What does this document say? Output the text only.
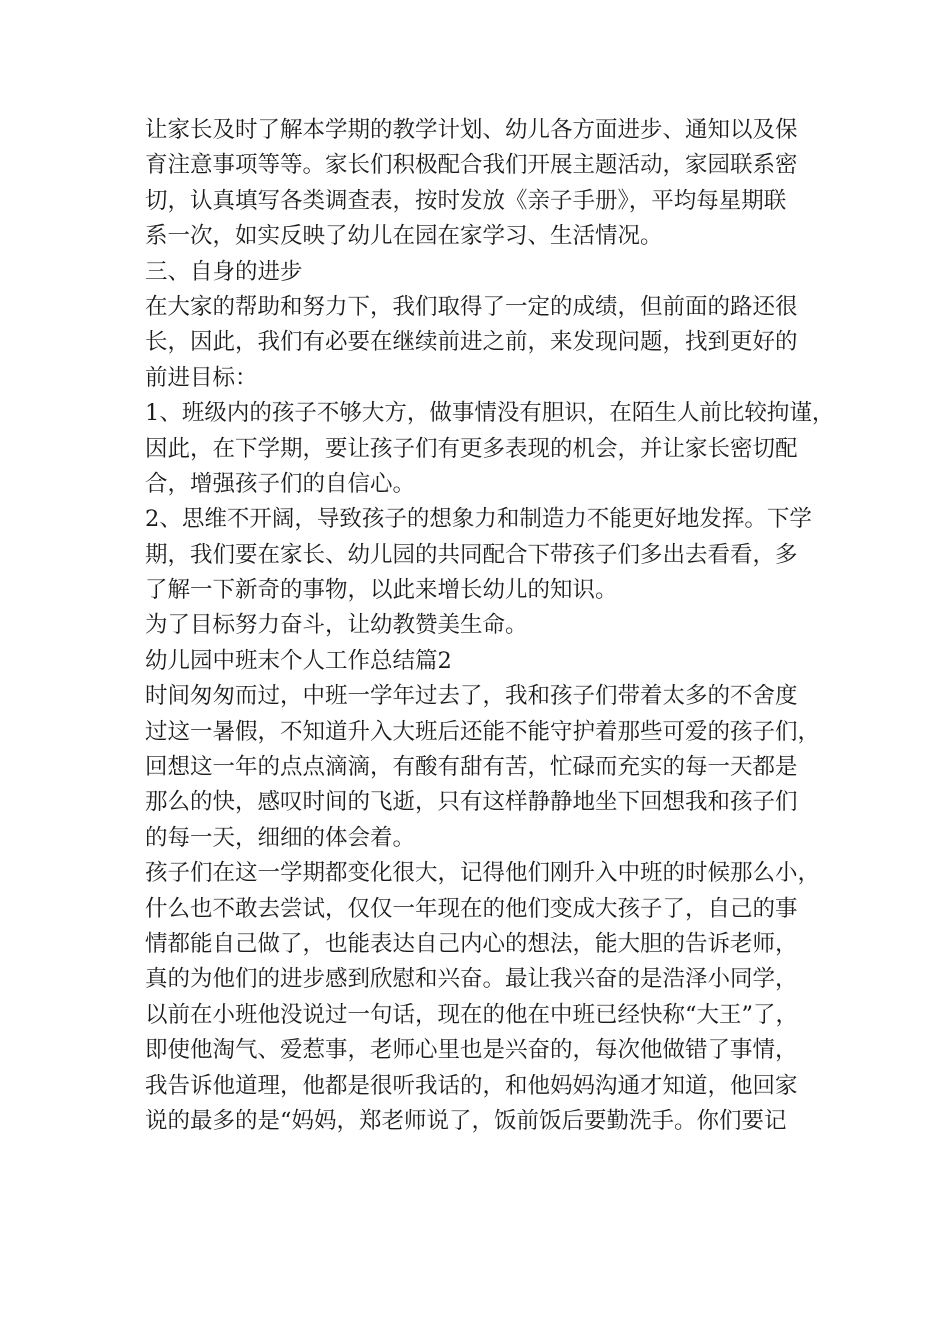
让家长及时了解本学期的教学计划、幼儿各方面进步、通知以及保
育注意事项等等。家长们积极配合我们开展主题活动，家园联系密
切，认真填写各类调查表，按时发放《亲子手册》，平均每星期联
系一次，如实反映了幼儿在园在家学习、生活情况。
三、自身的进步
在大家的帮助和努力下，我们取得了一定的成绩，但前面的路还很
长，因此，我们有必要在继续前进之前，来发现问题，找到更好的
前进目标：
1、班级内的孩子不够大方，做事情没有胆识，在陌生人前比较拘谨，
因此，在下学期，要让孩子们有更多表现的机会，并让家长密切配
合，增强孩子们的自信心。
2、思维不开阔，导致孩子的想象力和制造力不能更好地发挥。下学
期，我们要在家长、幼儿园的共同配合下带孩子们多出去看看，多
了解一下新奇的事物，以此来增长幼儿的知识。
为了目标努力奋斗，让幼教赞美生命。
幼儿园中班末个人工作总结篇2
时间匆匆而过，中班一学年过去了，我和孩子们带着太多的不舍度
过这一暑假，不知道升入大班后还能不能守护着那些可爱的孩子们，
回想这一年的点点滴滴，有酸有甜有苦，忙碌而充实的每一天都是
那么的快，感叹时间的飞逝，只有这样静静地坐下回想我和孩子们
的每一天，细细的体会着。
孩子们在这一学期都变化很大，记得他们刚升入中班的时候那么小，
什么也不敢去尝试，仅仅一年现在的他们变成大孩子了，自己的事
情都能自己做了，也能表达自己内心的想法，能大胆的告诉老师，
真的为他们的进步感到欣慰和兴奋。最让我兴奋的是浩泽小同学，
以前在小班他没说过一句话，现在的他在中班已经快称“大王”了，
即使他淘气、爱惹事，老师心里也是兴奋的，每次他做错了事情，
我告诉他道理，他都是很听我话的，和他妈妈沟通才知道，他回家
说的最多的是“妈妈，郑老师说了，饭前饭后要勤洗手。你们要记
